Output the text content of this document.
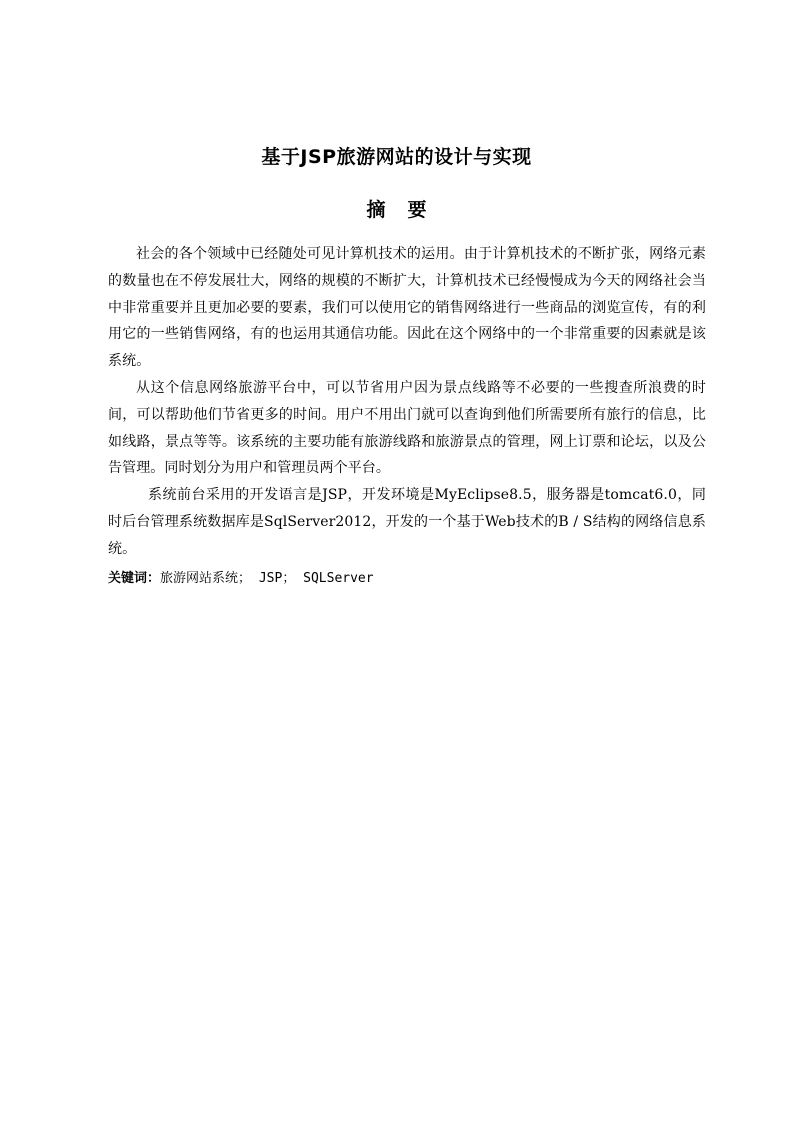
基于JSP旅游网站的设计与实现
摘要

社会的各个领域中已经随处可见计算机技术的运用。由于计算机技术的不断扩张，网络元素的数量也在不停发展壮大，网络的规模的不断扩大，计算机技术已经慢慢成为今天的网络社会当中非常重要并且更加必要的要素，我们可以使用它的销售网络进行一些商品的浏览宣传，有的利用它的一些销售网络，有的也运用其通信功能。因此在这个网络中的一个非常重要的因素就是该系统。

从这个信息网络旅游平台中，可以节省用户因为景点线路等不必要的一些搜查所浪费的时间，可以帮助他们节省更多的时间。用户不用出门就可以查询到他们所需要所有旅行的信息，比如线路，景点等等。该系统的主要功能有旅游线路和旅游景点的管理，网上订票和论坛，以及公告管理。同时划分为用户和管理员两个平台。

系统前台采用的开发语言是JSP，开发环境是MyEclipse8.5，服务器是tomcat6.0，同时后台管理系统数据库是SqlServer2012，开发的一个基于Web技术的B / S结构的网络信息系统。

关键词：旅游网站系统； JSP； SQLServer
